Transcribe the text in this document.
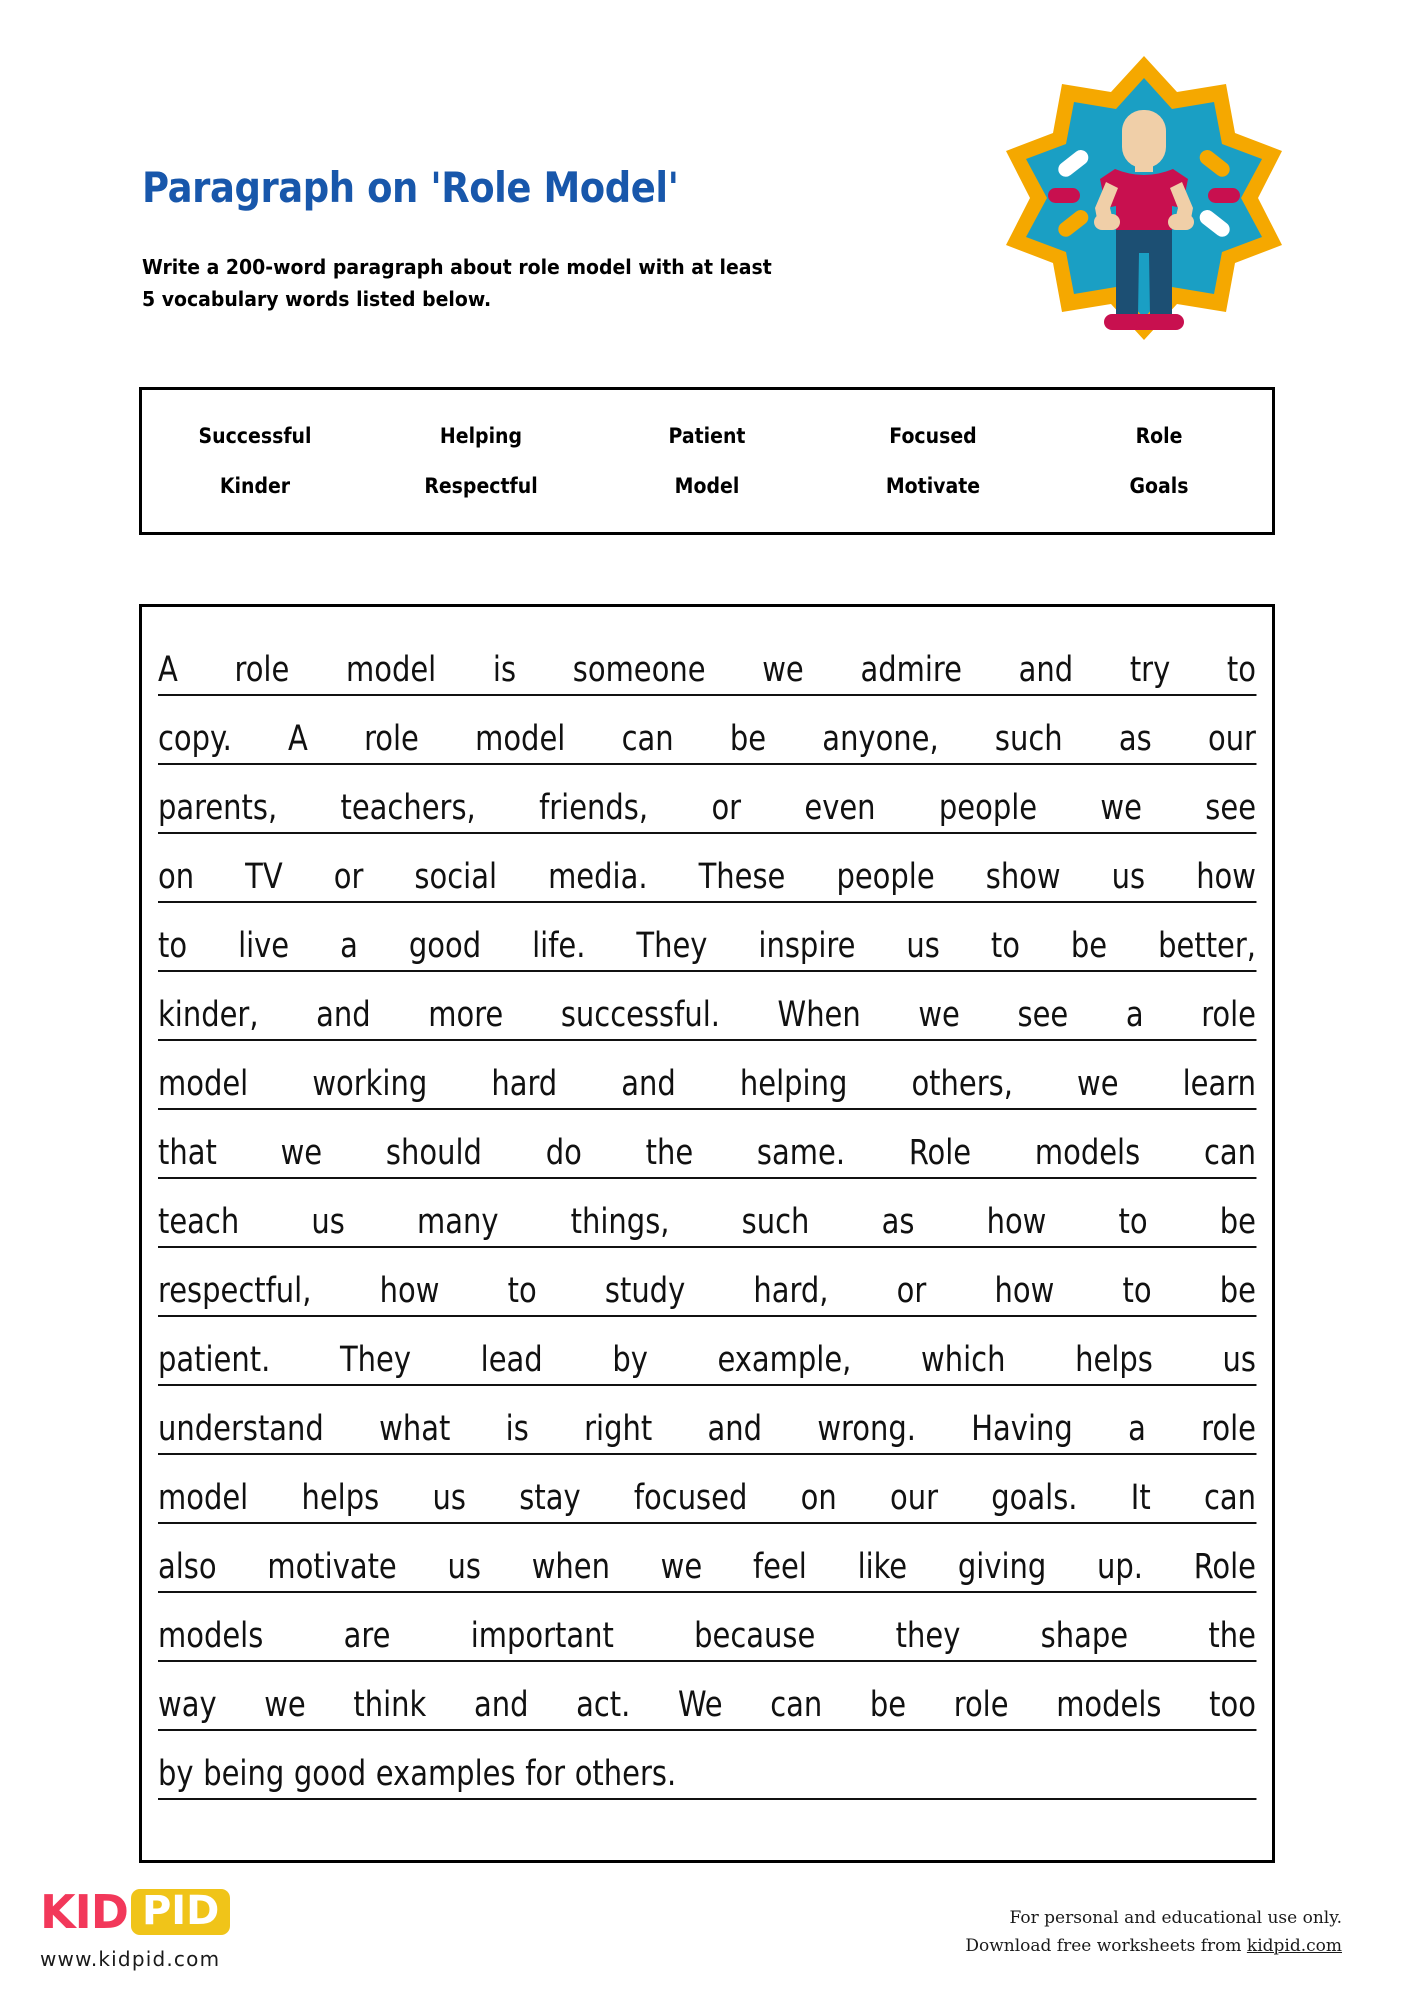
Paragraph on 'Role Model'
Write a 200-word paragraph about role model with at least
5 vocabulary words listed below.
Successful	Helping	Patient	Focused	Role
Kinder	Respectful	Model	Motivate	Goals
A role model is someone we admire and try to
copy. A role model can be anyone, such as our
parents, teachers, friends, or even people we see
on TV or social media. These people show us how
to live a good life. They inspire us to be better,
kinder, and more successful. When we see a role
model working hard and helping others, we learn
that we should do the same. Role models can
teach us many things, such as how to be
respectful, how to study hard, or how to be
patient. They lead by example, which helps us
understand what is right and wrong. Having a role
model helps us stay focused on our goals. It can
also motivate us when we feel like giving up. Role
models are important because they shape the
way we think and act. We can be role models too
by being good examples for others.
KID PID
www.kidpid.com
For personal and educational use only.
Download free worksheets from kidpid.com
